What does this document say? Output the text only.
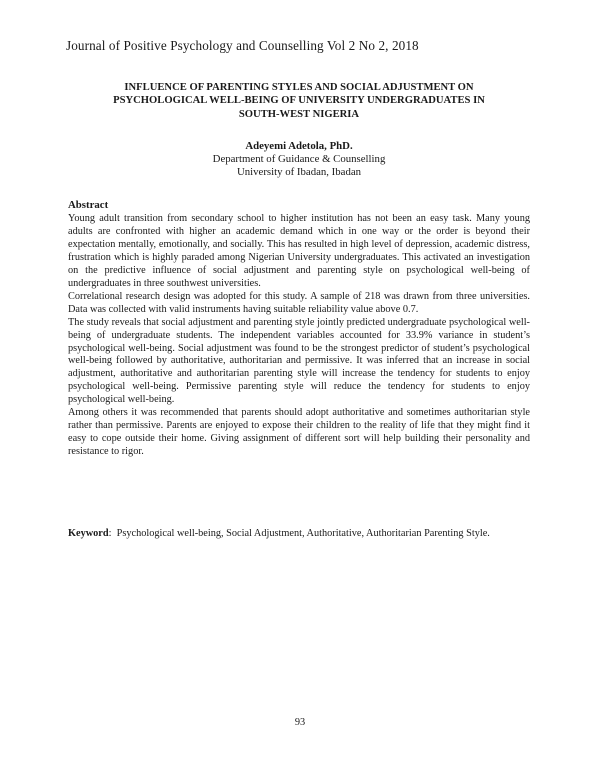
Journal of Positive Psychology and Counselling Vol 2 No 2, 2018
INFLUENCE OF PARENTING STYLES AND SOCIAL ADJUSTMENT ON
PSYCHOLOGICAL WELL-BEING OF UNIVERSITY UNDERGRADUATES IN
SOUTH-WEST NIGERIA
Adeyemi Adetola, PhD.
Department of Guidance & Counselling
University of Ibadan, Ibadan
Abstract

Young adult transition from secondary school to higher institution has not been an easy task. Many young adults are confronted with higher an academic demand which in one way or the order is beyond their expectation mentally, emotionally, and socially. This has resulted in high level of depression, academic distress, frustration which is highly paraded among Nigerian University undergraduates. This activated an investigation on the predictive influence of social adjustment and parenting style on psychological well-being of undergraduates in three southwest universities.

Correlational research design was adopted for this study. A sample of 218 was drawn from three universities. Data was collected with valid instruments having suitable reliability value above 0.7.

The study reveals that social adjustment and parenting style jointly predicted undergraduate psychological well-being of undergraduate students. The independent variables accounted for 33.9% variance in student’s psychological well-being. Social adjustment was found to be the strongest predictor of student’s psychological well-being followed by authoritative, authoritarian and permissive. It was inferred that an increase in social adjustment, authoritative and authoritarian parenting style will increase the tendency for students to enjoy psychological well-being. Permissive parenting style will reduce the tendency for students to enjoy psychological well-being.

Among others it was recommended that parents should adopt authoritative and sometimes authoritarian style rather than permissive. Parents are enjoyed to expose their children to the reality of life that they might find it easy to cope outside their home. Giving assignment of different sort will help building their personality and resistance to rigor.

Keyword: Psychological well-being, Social Adjustment, Authoritative, Authoritarian Parenting Style.
93
